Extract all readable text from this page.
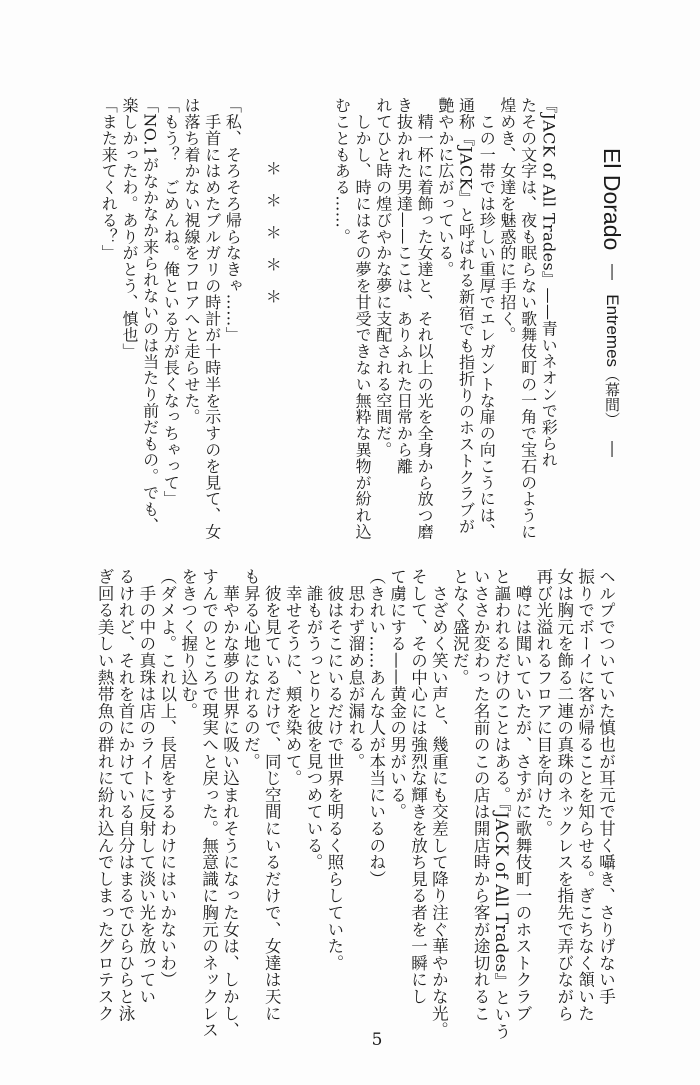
El Dorado—Entremes（幕間）—
『JACK of All Trades』——青いネオンで彩られ
たその文字は、夜も眠らない歌舞伎町の一角で宝石のように
煌めき、女達を魅惑的に手招く。
　この一帯では珍しい重厚でエレガントな扉の向こうには、
通称『JACK』と呼ばれる新宿でも指折りのホストクラブが
艶やかに広がっている。
　精一杯に着飾った女達と、それ以上の光を全身から放つ磨
き抜かれた男達——ここは、ありふれた日常から離
れてひと時の煌びやかな夢に支配される空間だ。
　しかし、時にはその夢を甘受できない無粋な異物が紛れ込
むこともある……。
＊　＊　＊　＊　＊
「私、そろそろ帰らなきゃ……」
　手首にはめたブルガリの時計が十時半を示すのを見て、女
は落ち着かない視線をフロアへと走らせた。
「もう？　ごめんね。俺といる方が長くなっちゃって」
「NO.1がなかなか来られないのは当たり前だもの。でも、
楽しかったわ。ありがとう、慎也」
「また来てくれる？」
ヘルプでついていた慎也が耳元で甘く囁き、さりげない手
振りでボーイに客が帰ることを知らせる。ぎこちなく頷いた
女は胸元を飾る二連の真珠のネックレスを指先で弄びながら
再び光溢れるフロアに目を向けた。
　噂には聞いていたが、さすがに歌舞伎町一のホストクラブ
と謳われるだけのことはある。『JACK of All Trades』という
いささか変わった名前のこの店は開店時から客が途切れるこ
となく盛況だ。
　さざめく笑い声と、幾重にも交差して降り注ぐ華やかな光。
そして、その中心には強烈な輝きを放ち見る者を一瞬にし
て虜にする——黄金の男がいる。
（きれい……あんな人が本当にいるのね）
　思わず溜め息が漏れる。
　彼はそこにいるだけで世界を明るく照らしていた。
　誰もがうっとりと彼を見つめている。
　幸せそうに、頬を染めて。
　彼を見ているだけで、同じ空間にいるだけで、女達は天に
も昇る心地になれるのだ。
　華やかな夢の世界に吸い込まれそうになった女は、しかし、
すんでのところで現実へと戻った。無意識に胸元のネックレス
をきつく握り込む。
（ダメよ。これ以上、長居をするわけにはいかないわ）
　手の中の真珠は店のライトに反射して淡い光を放ってい
るけれど、それを首にかけている自分はまるでひらひらと泳
ぎ回る美しい熱帯魚の群れに紛れ込んでしまったグロテスク
5
